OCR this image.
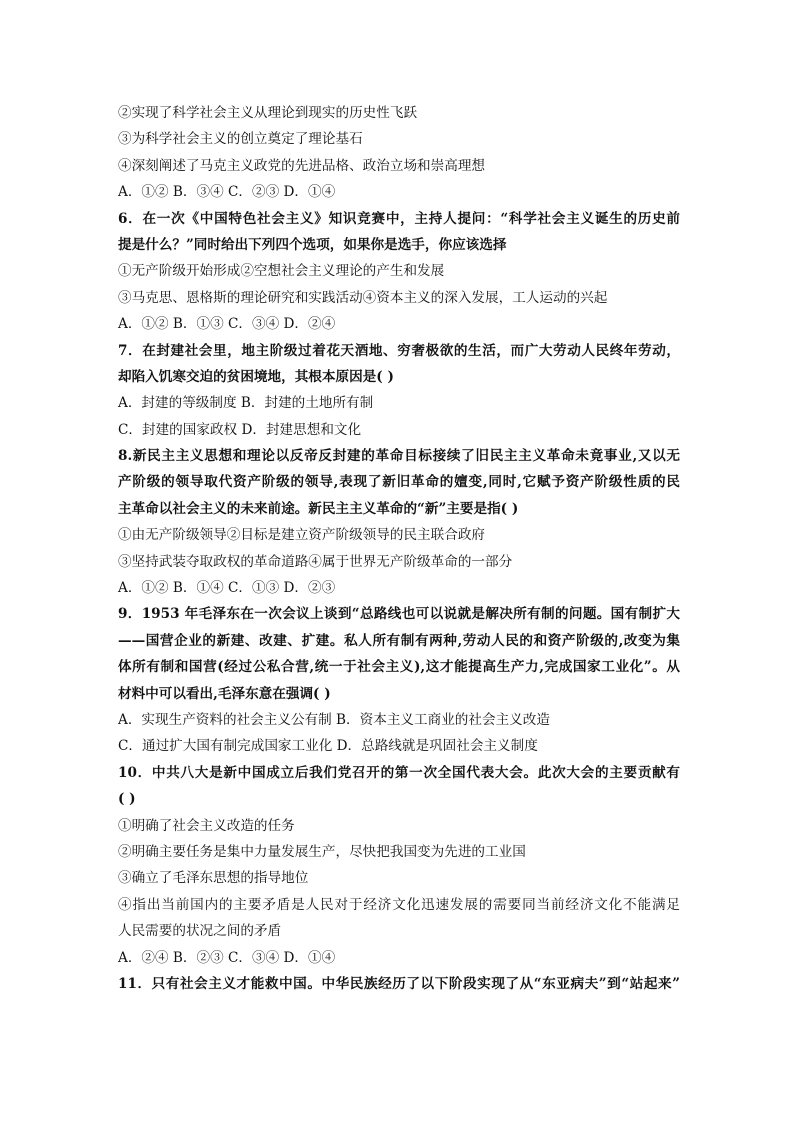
②实现了科学社会主义从理论到现实的历史性飞跃
③为科学社会主义的创立奠定了理论基石
④深刻阐述了马克主义政党的先进品格、政治立场和崇高理想
A．①② B．③④ C．②③ D．①④
6．在一次《中国特色社会主义》知识竞赛中，主持人提问：“科学社会主义诞生的历史前
提是什么？”同时给出下列四个选项，如果你是选手，你应该选择
①无产阶级开始形成②空想社会主义理论的产生和发展
③马克思、恩格斯的理论研究和实践活动④资本主义的深入发展，工人运动的兴起
A．①② B．①③ C．③④ D．②④
7．在封建社会里，地主阶级过着花天酒地、穷奢极欲的生活，而广大劳动人民终年劳动，
却陷入饥寒交迫的贫困境地，其根本原因是( )
A．封建的等级制度 B．封建的土地所有制
C．封建的国家政权 D．封建思想和文化
8.新民主主义思想和理论以反帝反封建的革命目标接续了旧民主主义革命未竟事业,又以无
产阶级的领导取代资产阶级的领导,表现了新旧革命的嬗变,同时,它赋予资产阶级性质的民
主革命以社会主义的未来前途。新民主主义革命的“新”主要是指( )
①由无产阶级领导②目标是建立资产阶级领导的民主联合政府
③坚持武装夺取政权的革命道路④属于世界无产阶级革命的一部分
A．①② B．①④ C．①③ D．②③
9．1953 年毛泽东在一次会议上谈到“总路线也可以说就是解决所有制的问题。国有制扩大
——国营企业的新建、改建、扩建。私人所有制有两种,劳动人民的和资产阶级的,改变为集
体所有制和国营(经过公私合营,统一于社会主义),这才能提高生产力,完成国家工业化”。从
材料中可以看出,毛泽东意在强调( )
A．实现生产资料的社会主义公有制 B．资本主义工商业的社会主义改造
C．通过扩大国有制完成国家工业化 D．总路线就是巩固社会主义制度
10．中共八大是新中国成立后我们党召开的第一次全国代表大会。此次大会的主要贡献有
( )
①明确了社会主义改造的任务
②明确主要任务是集中力量发展生产，尽快把我国变为先进的工业国
③确立了毛泽东思想的指导地位
④指出当前国内的主要矛盾是人民对于经济文化迅速发展的需要同当前经济文化不能满足
人民需要的状况之间的矛盾
A．②④ B．②③ C．③④ D．①④
11．只有社会主义才能救中国。中华民族经历了以下阶段实现了从“东亚病夫”到“站起来”
